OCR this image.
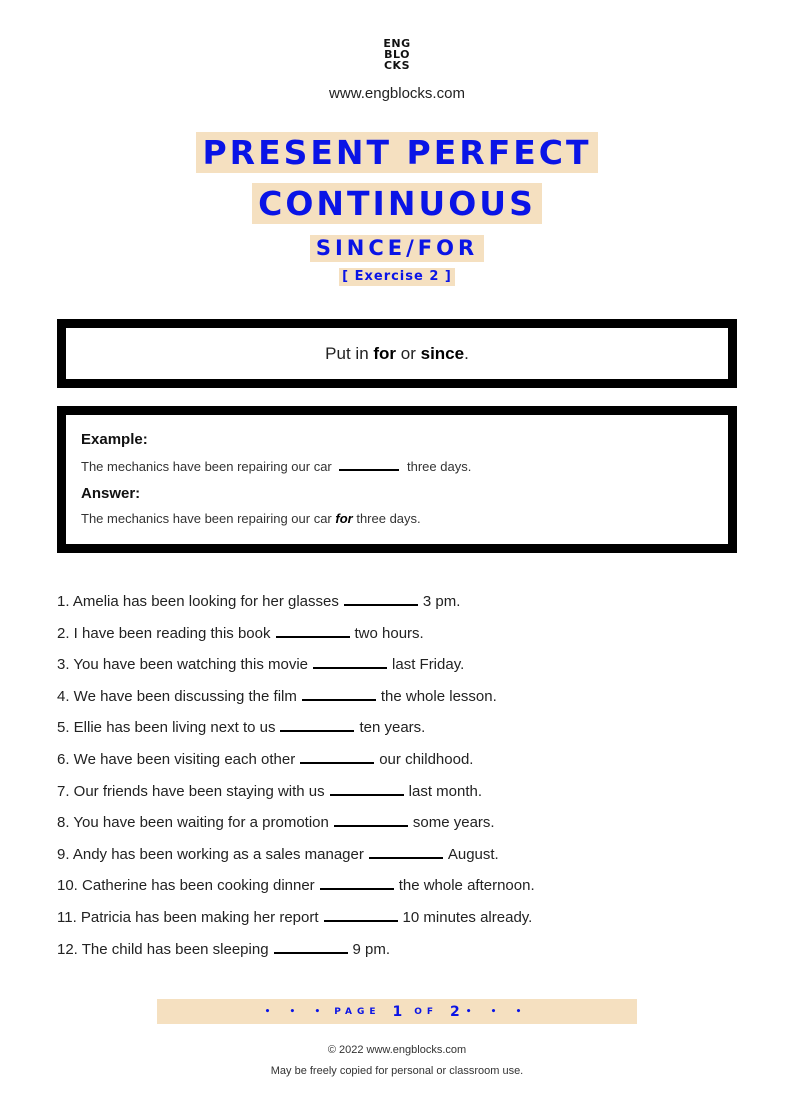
ENG
BLO
CKS
www.engblocks.com
PRESENT PERFECT
CONTINUOUS
SINCE/FOR
[ Exercise 2 ]
Put in for or since.

Example:

The mechanics have been repairing our car	three days.

Answer:

The mechanics have been repairing our car for three days.

1. Amelia has been looking for her glasses	3 pm.
2. I have been reading this book	two hours.
3. You have been watching this movie	last Friday.
4. We have been discussing the film	the whole lesson.
5. Ellie has been living next to us	ten years.
6. We have been visiting each other	our childhood.
7. Our friends have been staying with us	last month.
8. You have been waiting for a promotion	some years.
9. Andy has been working as a sales manager	August.
10. Catherine has been cooking dinner	the whole afternoon.
11. Patricia has been making her report	10 minutes already.
12. The child has been sleeping	9 pm.
• • • PAGE 1 OF 2 • • •
© 2022 www.engblocks.com
May be freely copied for personal or classroom use.
